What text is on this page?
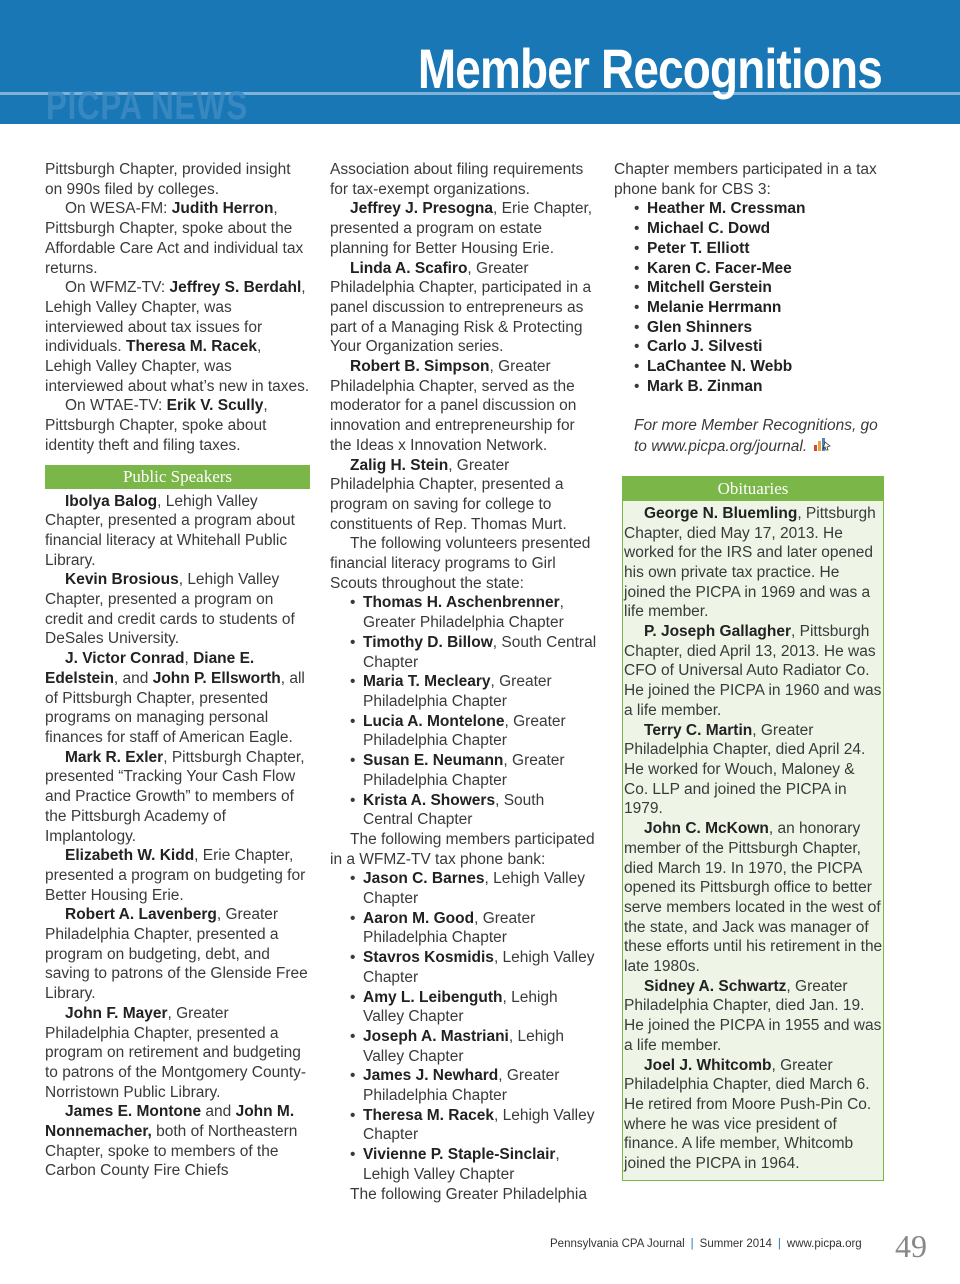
PICPA NEWS
Member Recognitions

Pittsburgh Chapter, provided insight on 990s filed by colleges.

On WESA-FM: Judith Herron, Pittsburgh Chapter, spoke about the Affordable Care Act and individual tax returns.

On WFMZ-TV: Jeffrey S. Berdahl, Lehigh Valley Chapter, was interviewed about tax issues for individuals. Theresa M. Racek, Lehigh Valley Chapter, was interviewed about what’s new in taxes.

On WTAE-TV: Erik V. Scully, Pittsburgh Chapter, spoke about identity theft and filing taxes.

Public Speakers

Ibolya Balog, Lehigh Valley Chapter, presented a program about financial literacy at Whitehall Public Library.

Kevin Brosious, Lehigh Valley Chapter, presented a program on credit and credit cards to students of DeSales University.

J. Victor Conrad, Diane E. Edelstein, and John P. Ellsworth, all of Pittsburgh Chapter, presented programs on managing personal finances for staff of American Eagle.

Mark R. Exler, Pittsburgh Chapter, presented “Tracking Your Cash Flow and Practice Growth” to members of the Pittsburgh Academy of Implantology.

Elizabeth W. Kidd, Erie Chapter, presented a program on budgeting for Better Housing Erie.

Robert A. Lavenberg, Greater Philadelphia Chapter, presented a program on budgeting, debt, and saving to patrons of the Glenside Free Library.

John F. Mayer, Greater Philadelphia Chapter, presented a program on retirement and budgeting to patrons of the Montgomery County-Norristown Public Library.

James E. Montone and John M. Nonnemacher, both of Northeastern Chapter, spoke to members of the Carbon County Fire Chiefs

Association about filing requirements for tax-exempt organizations.

Jeffrey J. Presogna, Erie Chapter, presented a program on estate planning for Better Housing Erie.

Linda A. Scafiro, Greater Philadelphia Chapter, participated in a panel discussion to entrepreneurs as part of a Managing Risk & Protecting Your Organization series.

Robert B. Simpson, Greater Philadelphia Chapter, served as the moderator for a panel discussion on innovation and entrepreneurship for the Ideas x Innovation Network.

Zalig H. Stein, Greater Philadelphia Chapter, presented a program on saving for college to constituents of Rep. Thomas Murt.

The following volunteers presented financial literacy programs to Girl Scouts throughout the state:

• Thomas H. Aschenbrenner, Greater Philadelphia Chapter
• Timothy D. Billow, South Central Chapter
• Maria T. Mecleary, Greater Philadelphia Chapter
• Lucia A. Montelone, Greater Philadelphia Chapter
• Susan E. Neumann, Greater Philadelphia Chapter
• Krista A. Showers, South Central Chapter

The following members participated in a WFMZ-TV tax phone bank:

• Jason C. Barnes, Lehigh Valley Chapter
• Aaron M. Good, Greater Philadelphia Chapter
• Stavros Kosmidis, Lehigh Valley Chapter
• Amy L. Leibenguth, Lehigh Valley Chapter
• Joseph A. Mastriani, Lehigh Valley Chapter
• James J. Newhard, Greater Philadelphia Chapter
• Theresa M. Racek, Lehigh Valley Chapter
• Vivienne P. Staple-Sinclair, Lehigh Valley Chapter

The following Greater Philadelphia

Chapter members participated in a tax phone bank for CBS 3:

• Heather M. Cressman
• Michael C. Dowd
• Peter T. Elliott
• Karen C. Facer-Mee
• Mitchell Gerstein
• Melanie Herrmann
• Glen Shinners
• Carlo J. Silvesti
• LaChantee N. Webb
• Mark B. Zinman
For more Member Recognitions, go to www.picpa.org/journal.
Obituaries

George N. Bluemling, Pittsburgh Chapter, died May 17, 2013. He worked for the IRS and later opened his own private tax practice. He joined the PICPA in 1969 and was a life member.

P. Joseph Gallagher, Pittsburgh Chapter, died April 13, 2013. He was CFO of Universal Auto Radiator Co. He joined the PICPA in 1960 and was a life member.

Terry C. Martin, Greater Philadelphia Chapter, died April 24. He worked for Wouch, Maloney & Co. LLP and joined the PICPA in 1979.

John C. McKown, an honorary member of the Pittsburgh Chapter, died March 19. In 1970, the PICPA opened its Pittsburgh office to better serve members located in the west of the state, and Jack was manager of these efforts until his retirement in the late 1980s.

Sidney A. Schwartz, Greater Philadelphia Chapter, died Jan. 19. He joined the PICPA in 1955 and was a life member.

Joel J. Whitcomb, Greater Philadelphia Chapter, died March 6. He retired from Moore Push-Pin Co. where he was vice president of finance. A life member, Whitcomb joined the PICPA in 1964.

Pennsylvania CPA Journal | Summer 2014 | www.picpa.org 49
